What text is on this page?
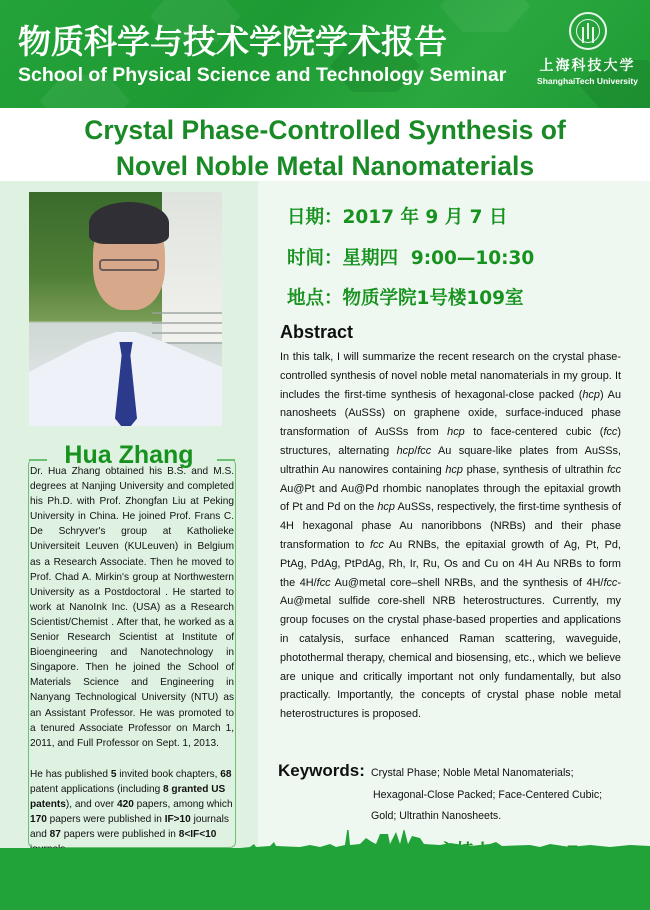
物质科学与技术学院学术报告
School of Physical Science and Technology Seminar	上海科技大学
ShanghaiTech University
Crystal Phase-Controlled Synthesis of
Novel Noble Metal Nanomaterials
Hua Zhang
Dr. Hua Zhang obtained his B.S. and M.S. degrees at Nanjing University and completed his Ph.D. with Prof. Zhongfan Liu at Peking University in China. He joined Prof. Frans C. De Schryver's group at Katholieke Universiteit Leuven (KULeuven) in Belgium as a Research Associate. Then he moved to Prof. Chad A. Mirkin's group at Northwestern University as a Postdoctoral . He started to work at NanoInk Inc. (USA) as a Research Scientist/Chemist . After that, he worked as a Senior Research Scientist at Institute of Bioengineering and Nanotechnology in Singapore. Then he joined the School of Materials Science and Engineering in Nanyang Technological University (NTU) as an Assistant Professor. He was promoted to a tenured Associate Professor on March 1, 2011, and Full Professor on Sept. 1, 2013.
He has published 5 invited book chapters, 68 patent applications (including 8 granted US patents), and over 420 papers, among which 170 papers were published in IF>10 journals and 87 papers were published in 8<IF<10
日期：2017 年 9 月 7 日
时间：星期四  9:00—10:30
地点：物质学院1号楼109室
Abstract
In this talk, I will summarize the recent research on the crystal phase-controlled synthesis of novel noble metal nanomaterials in my group. It includes the first-time synthesis of hexagonal-close packed (hcp) Au nanosheets (AuSSs) on graphene oxide, surface-induced phase transformation of AuSSs from hcp to face-centered cubic (fcc) structures, alternating hcp/fcc Au square-like plates from AuSSs, ultrathin Au nanowires containing hcp phase, synthesis of ultrathin fcc Au@Pt and Au@Pd rhombic nanoplates through the epitaxial growth of Pt and Pd on the hcp AuSSs, respectively, the first-time synthesis of 4H hexagonal phase Au nanoribbons (NRBs) and their phase transformation to fcc Au RNBs, the epitaxial growth of Ag, Pt, Pd, PtAg, PdAg, PtPdAg, Rh, Ir, Ru, Os and Cu on 4H Au NRBs to form the 4H/fcc Au@metal core–shell NRBs, and the synthesis of 4H/fcc-Au@metal sulfide core-shell NRB heterostructures. Currently, my group focuses on the crystal phase-based properties and applications in catalysis, surface enhanced Raman scattering, waveguide, photothermal therapy, chemical and biosensing, etc., which we believe are unique and critically important not only fundamentally, but also practically. Importantly, the concepts of crystal phase noble metal heterostructures is proposed.
Keywords: Crystal Phase; Noble Metal Nanomaterials;
Hexagonal-Close Packed; Face-Centered Cubic;
Gold; Ultrathin Nanosheets.
